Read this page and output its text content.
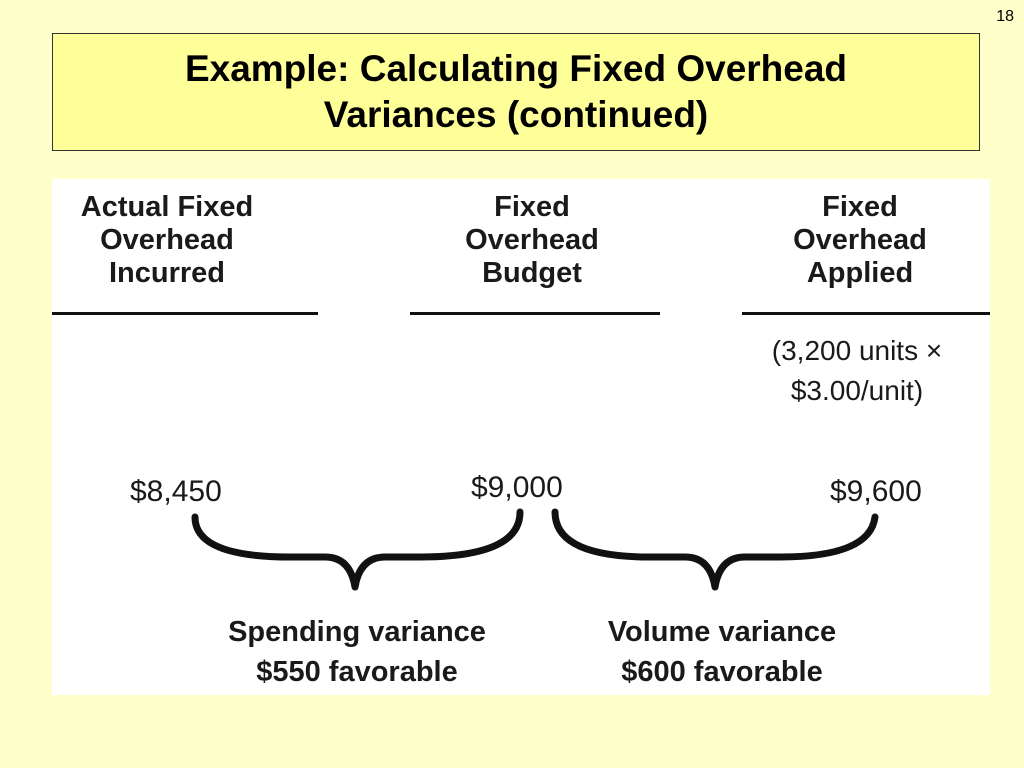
18
Example: Calculating Fixed Overhead
Variances (continued)
Actual Fixed
Overhead
Incurred
Fixed
Overhead
Budget
Fixed
Overhead
Applied
(3,200 units ×
$3.00/unit)
$8,450	$9,000	$9,600
Spending variance
$550 favorable
Volume variance
$600 favorable
